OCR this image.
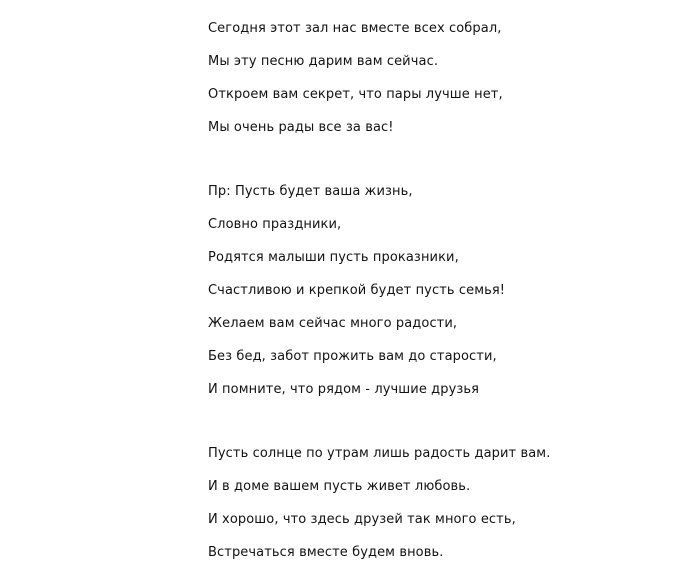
Сегодня этот зал нас вместе всех собрал,
Мы эту песню дарим вам сейчас.
Откроем вам секрет, что пары лучше нет,
Мы очень рады все за вас!
Пр: Пусть будет ваша жизнь,
Словно праздники,
Родятся малыши пусть проказники,
Счастливою и крепкой будет пусть семья!
Желаем вам сейчас много радости,
Без бед, забот прожить вам до старости,
И помните, что рядом - лучшие друзья
Пусть солнце по утрам лишь радость дарит вам.
И в доме вашем пусть живет любовь.
И хорошо, что здесь друзей так много есть,
Встречаться вместе будем вновь.
